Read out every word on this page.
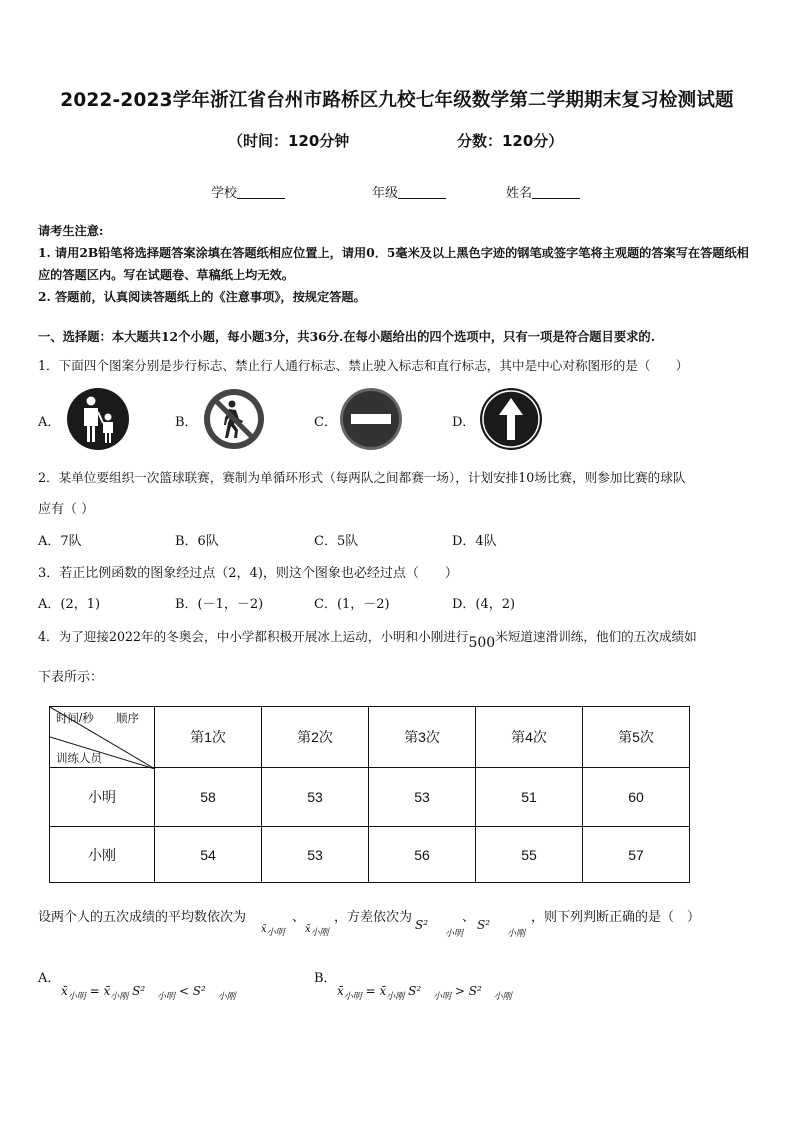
2022-2023学年浙江省台州市路桥区九校七年级数学第二学期期末复习检测试题
（时间：120分钟	分数：120分）
学校	年级	姓名
请考生注意:
1. 请用2B铅笔将选择题答案涂填在答题纸相应位置上，请用0．5毫米及以上黑色字迹的钢笔或签字笔将主观题的答案写在答题纸相应的答题区内。写在试题卷、草稿纸上均无效。
2. 答题前，认真阅读答题纸上的《注意事项》，按规定答题。
一、选择题：本大题共12个小题，每小题3分，共36分.在每小题给出的四个选项中，只有一项是符合题目要求的.
1．下面四个图案分别是步行标志、禁止行人通行标志、禁止驶入标志和直行标志，其中是中心对称图形的是（　　）
A．	B．	C．	D．
2．某单位要组织一次篮球联赛，赛制为单循环形式（每两队之间都赛一场），计划安排10场比赛，则参加比赛的球队
应有（ ）
A．7队	B．6队	C．5队	D．4队
3．若正比例函数的图象经过点（2，4)，则这个图象也必经过点（　　）
A．(2，1)	B．(－1，－2)	C．(1，－2)	D．(4，2)
4．为了迎接2022年的冬奥会，中小学都积极开展冰上运动，小明和小刚进行500米短道速滑训练，他们的五次成绩如
下表所示：
时间/秒 顺序
训练人员	第1次	第2次	第3次	第4次	第5次
小明	58	53	53	51	60
小刚	54	53	56	55	57
设两个人的五次成绩的平均数依次为
x̄小明
、
x̄小刚
，方差依次为 $S^2_{小明}$
、 $S^2_{小刚}$
，则下列判断正确的是（　）
A．
$x̄_{小明}$ = $x̄_{小刚}$ S² $_{小明}$ < S² $_{小刚}$
B．
$x̄_{小明}$ = $x̄_{小刚}$ S² $_{小明}$ > S² $_{小刚}$
